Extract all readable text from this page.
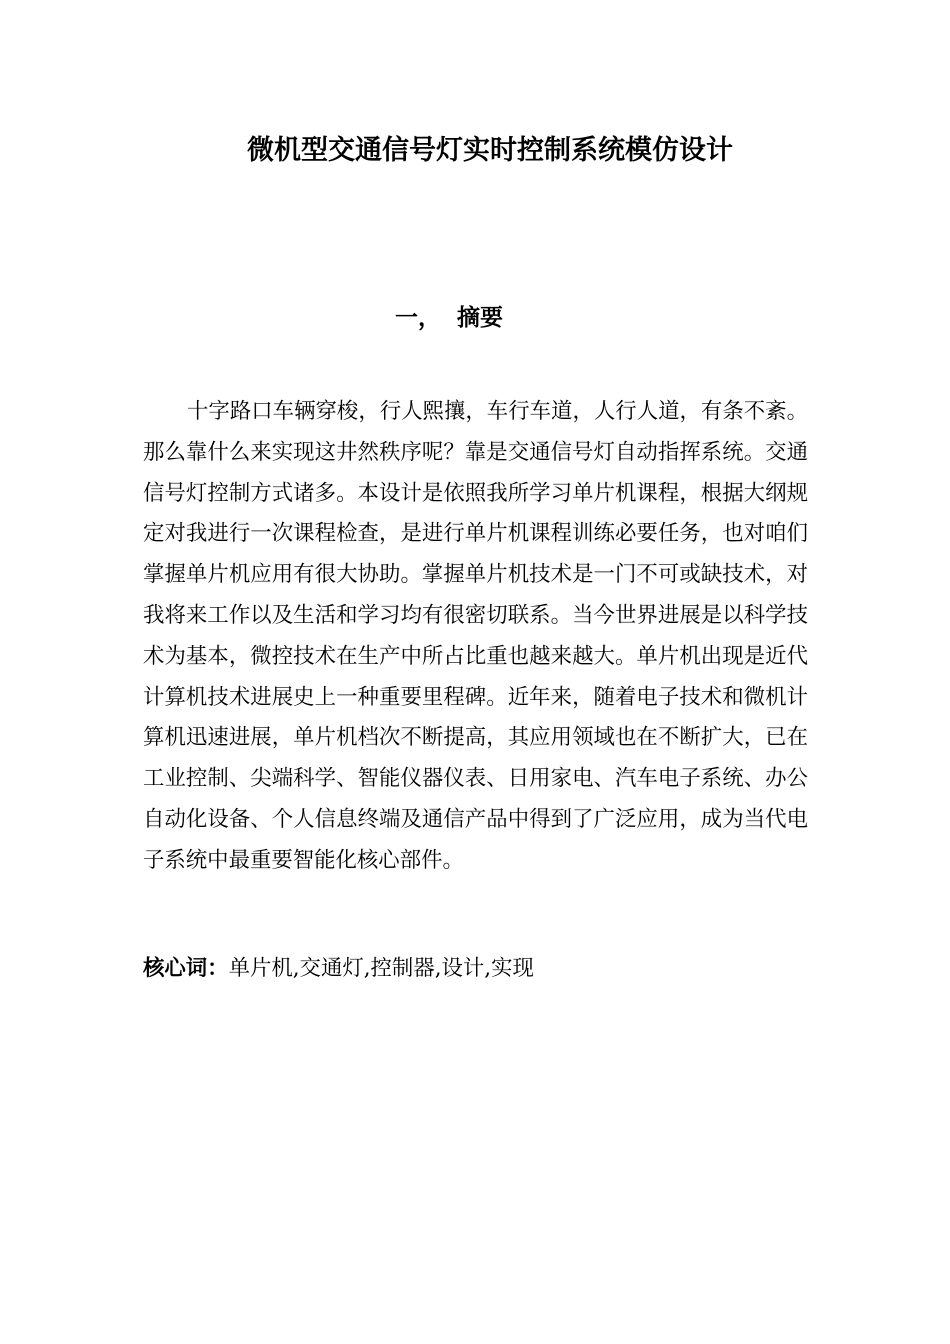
微机型交通信号灯实时控制系统模仿设计
一， 摘要

十字路口车辆穿梭，行人熙攘，车行车道，人行人道，有条不紊。那么靠什么来实现这井然秩序呢？靠是交通信号灯自动指挥系统。交通信号灯控制方式诸多。本设计是依照我所学习单片机课程，根据大纲规定对我进行一次课程检查，是进行单片机课程训练必要任务，也对咱们掌握单片机应用有很大协助。掌握单片机技术是一门不可或缺技术，对我将来工作以及生活和学习均有很密切联系。当今世界进展是以科学技术为基本，微控技术在生产中所占比重也越来越大。单片机出现是近代计算机技术进展史上一种重要里程碑。近年来，随着电子技术和微机计算机迅速进展，单片机档次不断提高，其应用领域也在不断扩大，已在工业控制、尖端科学、智能仪器仪表、日用家电、汽车电子系统、办公自动化设备、个人信息终端及通信产品中得到了广泛应用，成为当代电子系统中最重要智能化核心部件。

核心词：单片机,交通灯,控制器,设计,实现
